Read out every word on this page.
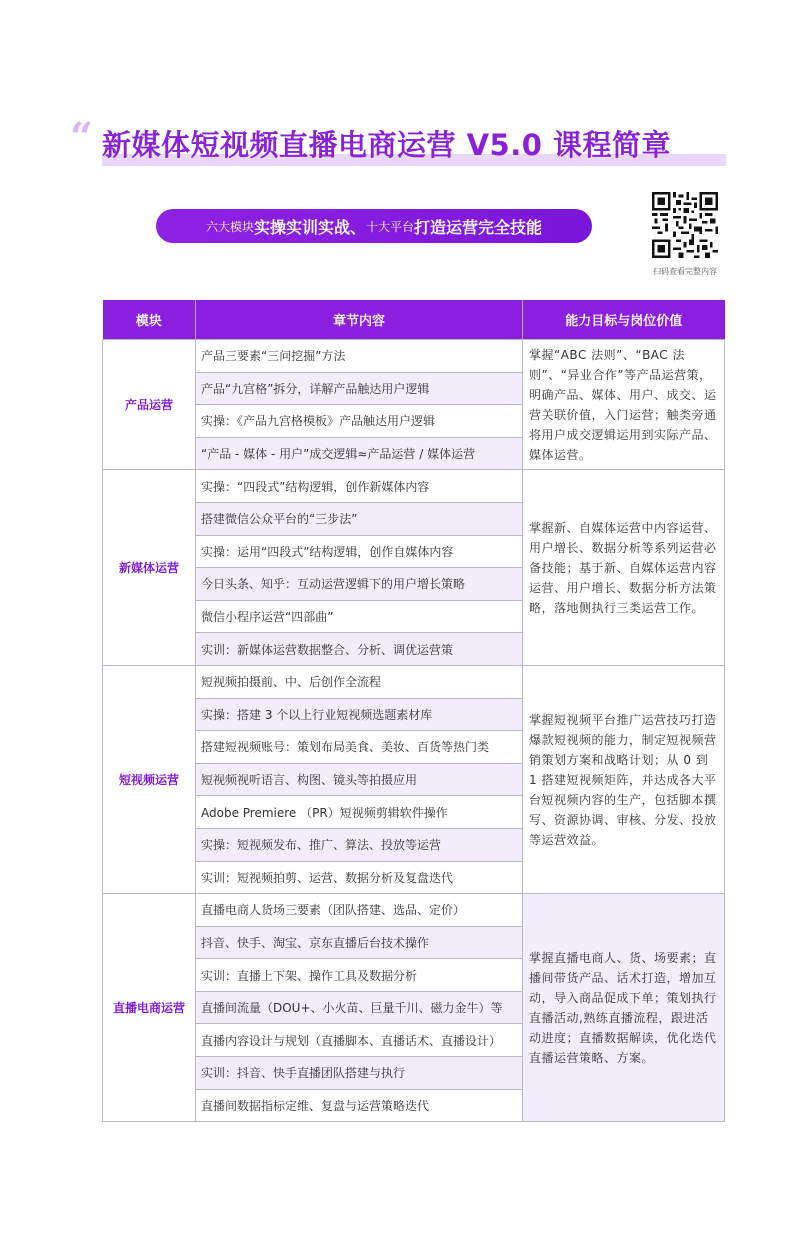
“ 新媒体短视频直播电商运营 V5.0 课程简章
六大模块 实操实训实战、 十大平台 打造运营完全技能
扫码查看完整内容
模块	章节内容	能力目标与岗位价值
产品运营	产品三要素“三问挖掘”方法	掌握“ABC 法则”、“BAC 法则”、“异业合作”等产品运营策，明确产品、媒体、用户、成交、运营关联价值，入门运营；触类旁通将用户成交逻辑运用到实际产品、媒体运营。
	产品“九宫格”拆分，详解产品触达用户逻辑	
	实操：《产品九宫格模板》产品触达用户逻辑	
	“产品 - 媒体 - 用户”成交逻辑≈产品运营 / 媒体运营	
新媒体运营	实操：“四段式”结构逻辑，创作新媒体内容	掌握新、自媒体运营中内容运营、用户增长、数据分析等系列运营必备技能；基于新、自媒体运营内容运营、用户增长、数据分析方法策略，落地侧执行三类运营工作。
	搭建微信公众平台的“三步法”	
	实操：运用“四段式”结构逻辑，创作自媒体内容	
	今日头条、知乎：互动运营逻辑下的用户增长策略	
	微信小程序运营“四部曲”	
	实训：新媒体运营数据整合、分析、调优运营策	
短视频运营	短视频拍摄前、中、后创作全流程	掌握短视频平台推广运营技巧打造爆款短视频的能力，制定短视频营销策划方案和战略计划；从 0 到 1 搭建短视频矩阵，并达成各大平台短视频内容的生产，包括脚本撰写、资源协调、审核、分发、投放等运营效益。
	实操：搭建 3 个以上行业短视频选题素材库	
	搭建短视频账号：策划布局美食、美妆、百货等热门类	
	短视频视听语言、构图、镜头等拍摄应用	
	Adobe Premiere （PR）短视频剪辑软件操作	
	实操：短视频发布、推广、算法、投放等运营	
	实训：短视频拍剪、运营、数据分析及复盘迭代	
直播电商运营	直播电商人货场三要素（团队搭建、选品、定价）	掌握直播电商人、货、场要素；直播间带货产品、话术打造，增加互动，导入商品促成下单；策划执行直播活动,熟练直播流程，跟进活动进度；直播数据解读，优化迭代直播运营策略、方案。
	抖音、快手、淘宝、京东直播后台技术操作	
	实训：直播上下架、操作工具及数据分析	
	直播间流量（DOU+、小火苗、巨量千川、磁力金牛）等	
	直播内容设计与规划（直播脚本、直播话术、直播设计）	
	实训：抖音、快手直播团队搭建与执行	
	直播间数据指标定维、复盘与运营策略迭代	
